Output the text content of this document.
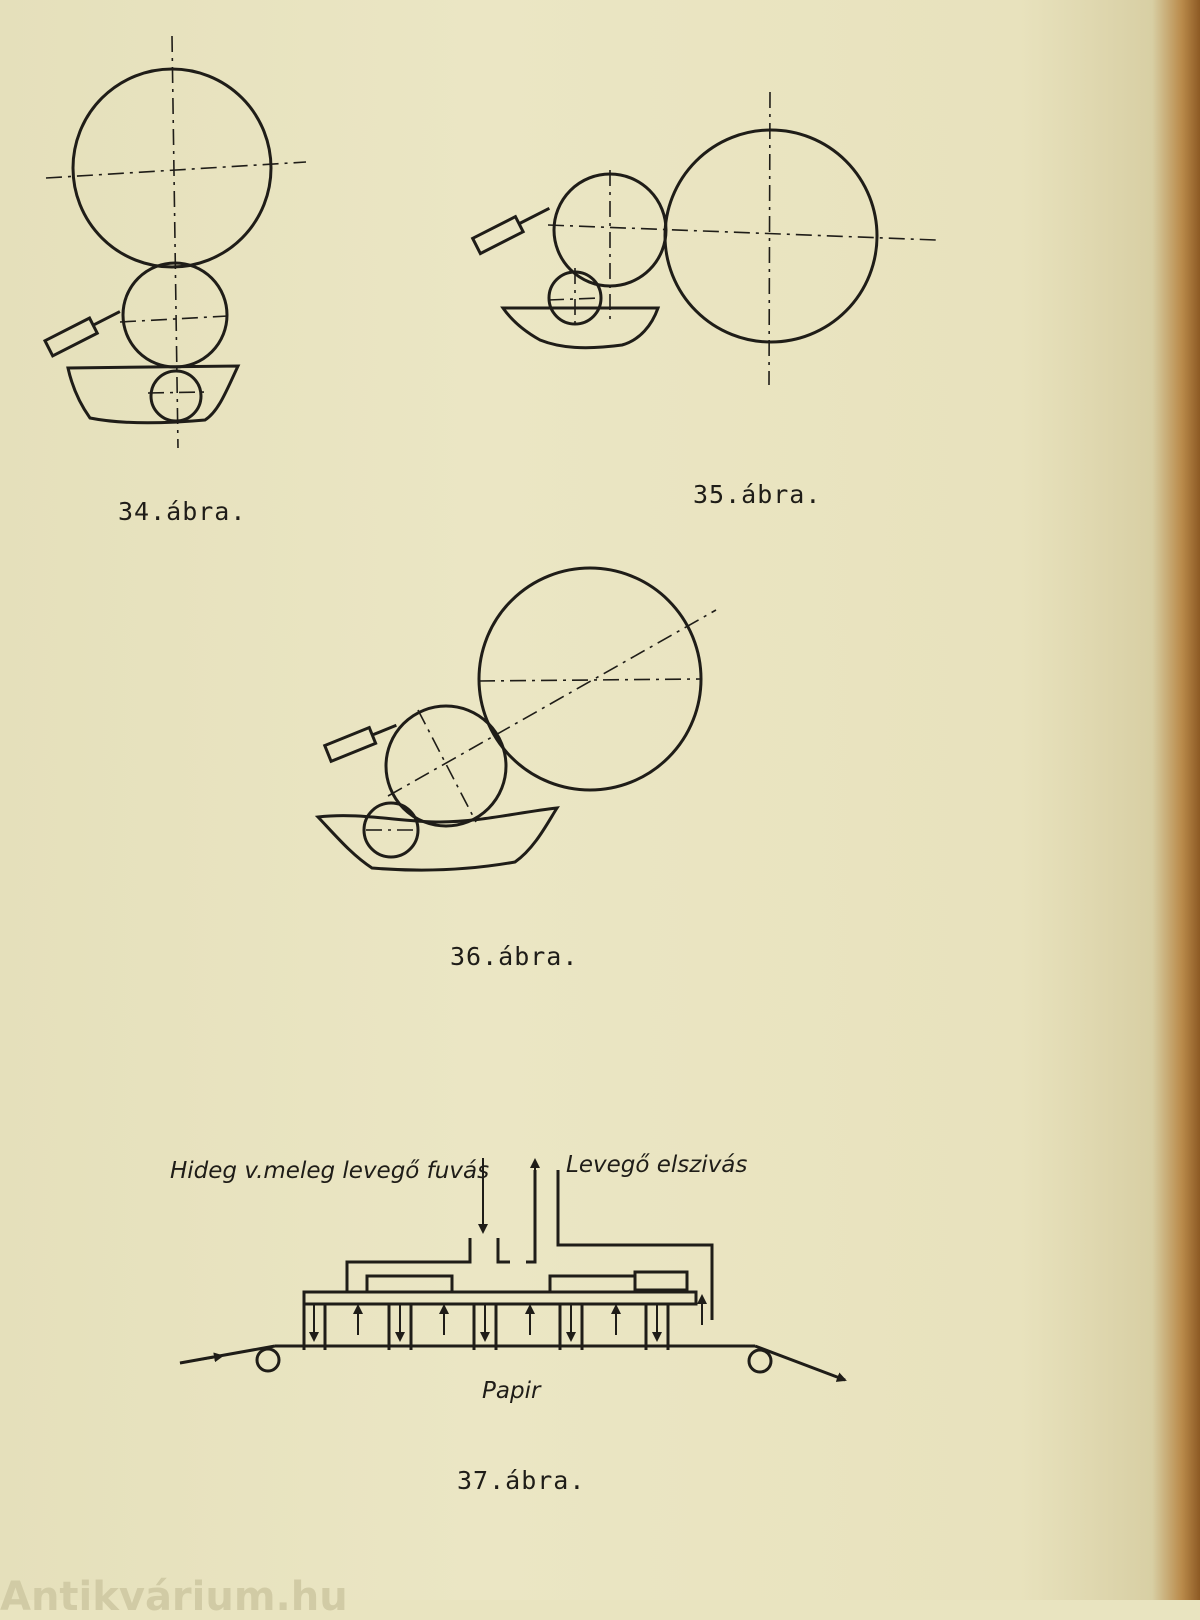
34.ábra.
35.ábra.
36.ábra.
37.ábra.
Hideg v.meleg levegő fuvás	Levegő elszivás
Papir
Antikvárium.hu
